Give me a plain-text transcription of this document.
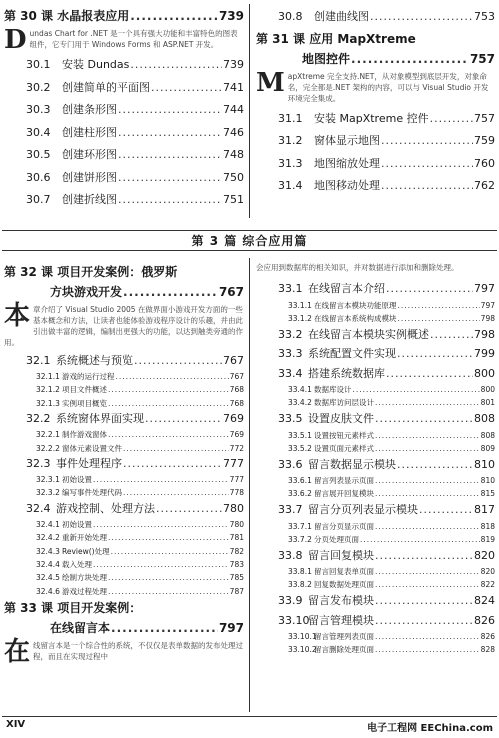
第 30 课 水晶报表应用 .....	739
Dundas Chart for .NET 是一个具有强大功能和丰富特色的图表组件，它专门用于 Windows Forms 和 ASP.NET 开发。
30.1 安装 Dundas .....	739
30.2 创建简单的平面图 .....	741
30.3 创建条形图 .....	744
30.4 创建柱形图 .....	746
30.5 创建环形图 .....	748
30.6 创建饼形图 .....	750
30.7 创建折线图 .....	751
30.8 创建曲线图 .....	753
第 31 课 应用 MapXtreme
地图控件 .....	757
MapXtreme 完全支持.NET，从对象模型到底层开发，对象命名，完全都是.NET 架构的内容，可以与 Visual Studio 开发环境完全集成。
31.1 安装 MapXtreme 控件 .....	757
31.2 窗体显示地图 .....	759
31.3 地图缩放处理 .....	760
31.4 地图移动处理 .....	762
第 3 篇 综合应用篇
第 32 课 项目开发案例：俄罗斯
方块游戏开发 .....	767
本章介绍了 Visual Studio 2005 在做界面小游戏开发方面的一些基本概念和方法，让读者也能体验游戏程序设计的乐趣，并由此引出做丰富的逻辑，编制出更强大的功能，以达到触类旁通的作用。
32.1 系统概述与预览 .....	767
32.1.1 游戏的运行过程 .....	767
32.1.2 项目文件概述 .....	768
32.1.3 实例项目概览 .....	768
32.2 系统窗体界面实现 .....	769
32.2.1 制作游戏窗体 .....	769
32.2.2 窗体元素设置文件 .....	772
32.3 事件处理程序 .....	777
32.3.1 初始设置 .....	777
32.3.2 编写事件处理代码 .....	778
32.4 游戏控制、处理方法 .....	780
32.4.1 初始设置 .....	780
32.4.2 重新开始处理 .....	781
32.4.3 Review()处理 .....	782
32.4.4 载入处理 .....	783
32.4.5 绘制方块处理 .....	785
32.4.6 游戏过程处理 .....	787
第 33 课 项目开发案例：
在线留言本 .....	797
在线留言本是一个综合性的系统，不仅仅是表单数据的发布处理过程，而且在实现过程中
会应用到数据库的相关知识，并对数据进行添加和删除处理。
33.1 在线留言本介绍 .....	797
33.1.1 在线留言本模块功能原理 .....	797
33.1.2 在线留言本系统构成模块 .....	798
33.2 在线留言本模块实例概述 .....	798
33.3 系统配置文件实现 .....	799
33.4 搭建系统数据库 .....	800
33.4.1 数据库设计 .....	800
33.4.2 数据库访问层设计 .....	801
33.5 设置皮肤文件 .....	808
33.5.1 设置按钮元素样式 .....	808
33.5.2 设置页面元素样式 .....	809
33.6 留言数据显示模块 .....	810
33.6.1 留言列表显示页面 .....	810
33.6.2 留言展开回复模块 .....	815
33.7 留言分页列表显示模块 .....	817
33.7.1 留言分页显示页面 .....	818
33.7.2 分页处理页面 .....	819
33.8 留言回复模块 .....	820
33.8.1 留言回复表单页面 .....	820
33.8.2 回复数据处理页面 .....	822
33.9 留言发布模块 .....	824
33.10留言管理模块 .....	826
33.10.1留言管理列表页面 .....	826
33.10.2留言删除处理页面 .....	828
XIV	电子工程网 EEChina.com
